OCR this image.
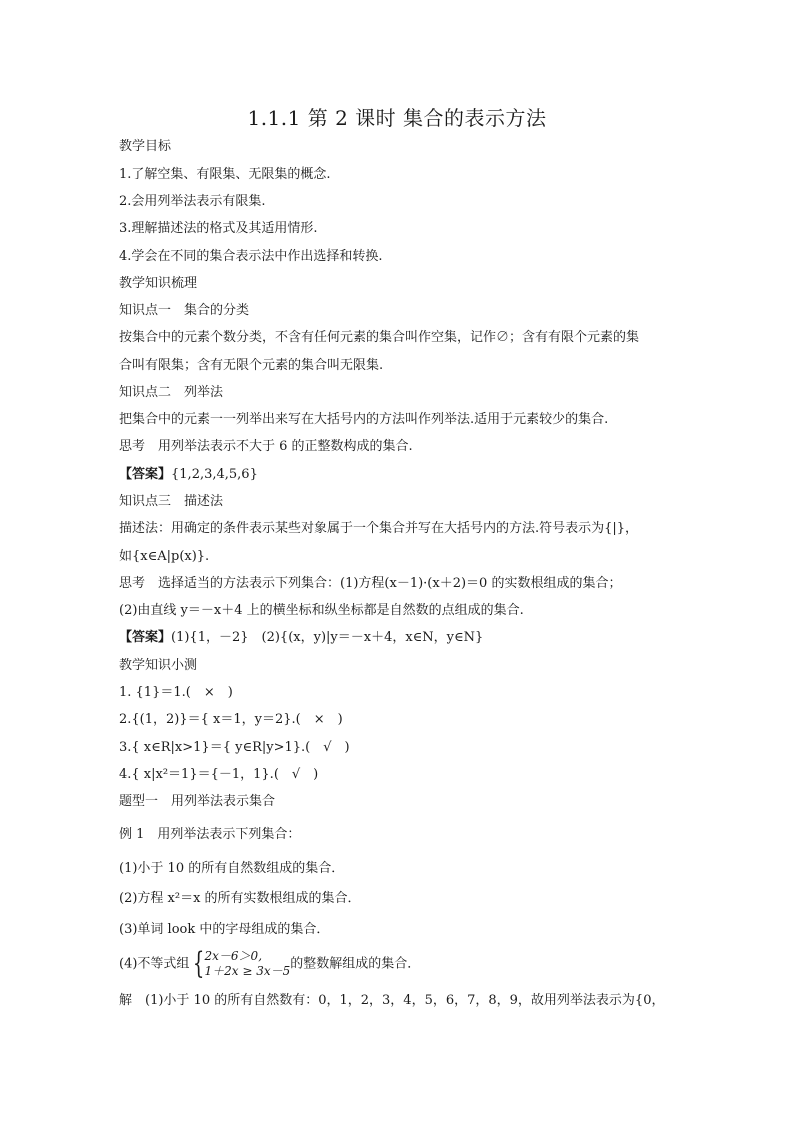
1.1.1 第 2 课时 集合的表示方法
教学目标
1.了解空集、有限集、无限集的概念.
2.会用列举法表示有限集.
3.理解描述法的格式及其适用情形.
4.学会在不同的集合表示法中作出选择和转换.
教学知识梳理
知识点一　集合的分类
按集合中的元素个数分类，不含有任何元素的集合叫作空集，记作∅；含有有限个元素的集
合叫有限集；含有无限个元素的集合叫无限集.
知识点二　列举法
把集合中的元素一一列举出来写在大括号内的方法叫作列举法.适用于元素较少的集合.
思考　用列举法表示不大于 6 的正整数构成的集合.
【答案】{1,2,3,4,5,6}
知识点三　描述法
描述法：用确定的条件表示某些对象属于一个集合并写在大括号内的方法.符号表示为{|}，
如{x∈A|p(x)}.
思考　选择适当的方法表示下列集合：(1)方程(x－1)·(x＋2)＝0 的实数根组成的集合；
(2)由直线 y＝－x＋4 上的横坐标和纵坐标都是自然数的点组成的集合.
【答案】(1){1，－2}　(2){(x，y)|y＝－x＋4，x∈N，y∈N}
教学知识小测
1. {1}＝1.(　×　)
2.{(1，2)}＝{ x＝1，y＝2}.(　×　)
3.{ x∈R|x>1}＝{ y∈R|y>1}.(　√　)
4.{ x|x²＝1}＝{－1，1}.(　√　)
题型一　用列举法表示集合
例 1　用列举法表示下列集合：
(1)小于 10 的所有自然数组成的集合．
(2)方程 x²＝x 的所有实数根组成的集合．
(3)单词 look 中的字母组成的集合．
(4)不等式组 { 2x－6＞0,
1＋2x ≥ 3x－5 的整数解组成的集合．
解　(1)小于 10 的所有自然数有：0，1，2，3，4，5，6，7，8，9，故用列举法表示为{0，
